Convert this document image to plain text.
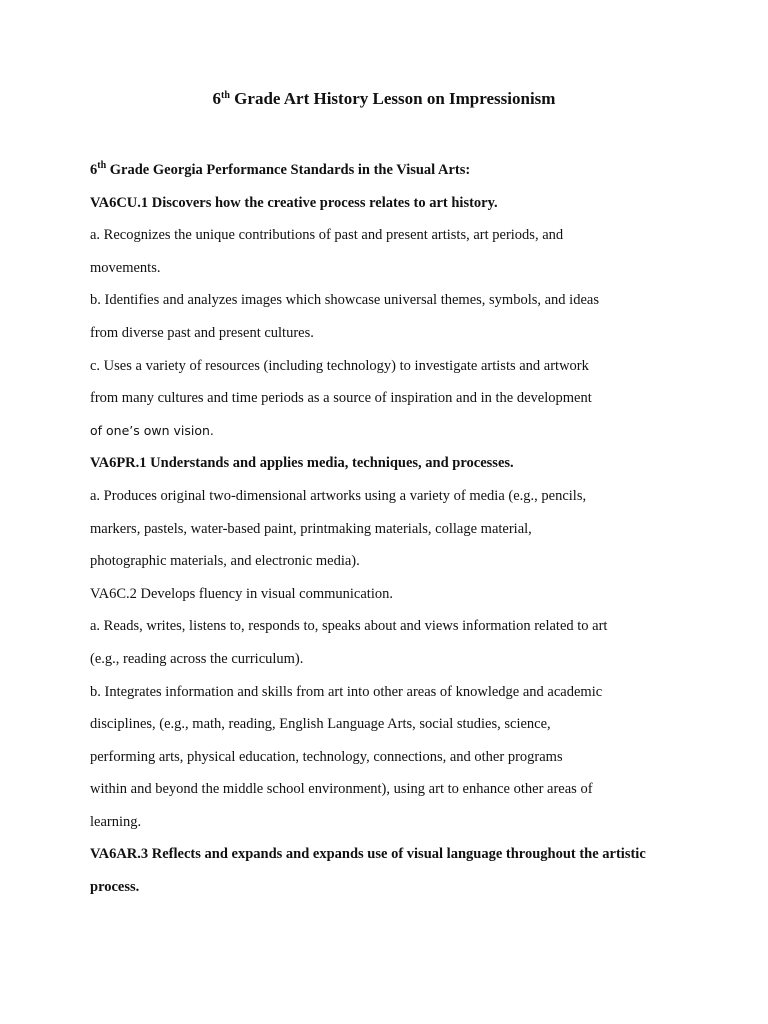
6th Grade Art History Lesson on Impressionism
6th Grade Georgia Performance Standards in the Visual Arts:
VA6CU.1 Discovers how the creative process relates to art history.
a. Recognizes the unique contributions of past and present artists, art periods, and
movements.
b. Identifies and analyzes images which showcase universal themes, symbols, and ideas
from diverse past and present cultures.
c. Uses a variety of resources (including technology) to investigate artists and artwork
from many cultures and time periods as a source of inspiration and in the development
of one’s own vision.
VA6PR.1 Understands and applies media, techniques, and processes.
a. Produces original two-dimensional artworks using a variety of media (e.g., pencils,
markers, pastels, water-based paint, printmaking materials, collage material,
photographic materials, and electronic media).
VA6C.2 Develops fluency in visual communication.
a. Reads, writes, listens to, responds to, speaks about and views information related to art
(e.g., reading across the curriculum).
b. Integrates information and skills from art into other areas of knowledge and academic
disciplines, (e.g., math, reading, English Language Arts, social studies, science,
performing arts, physical education, technology, connections, and other programs
within and beyond the middle school environment), using art to enhance other areas of
learning.
VA6AR.3 Reflects and expands and expands use of visual language throughout the artistic
process.
